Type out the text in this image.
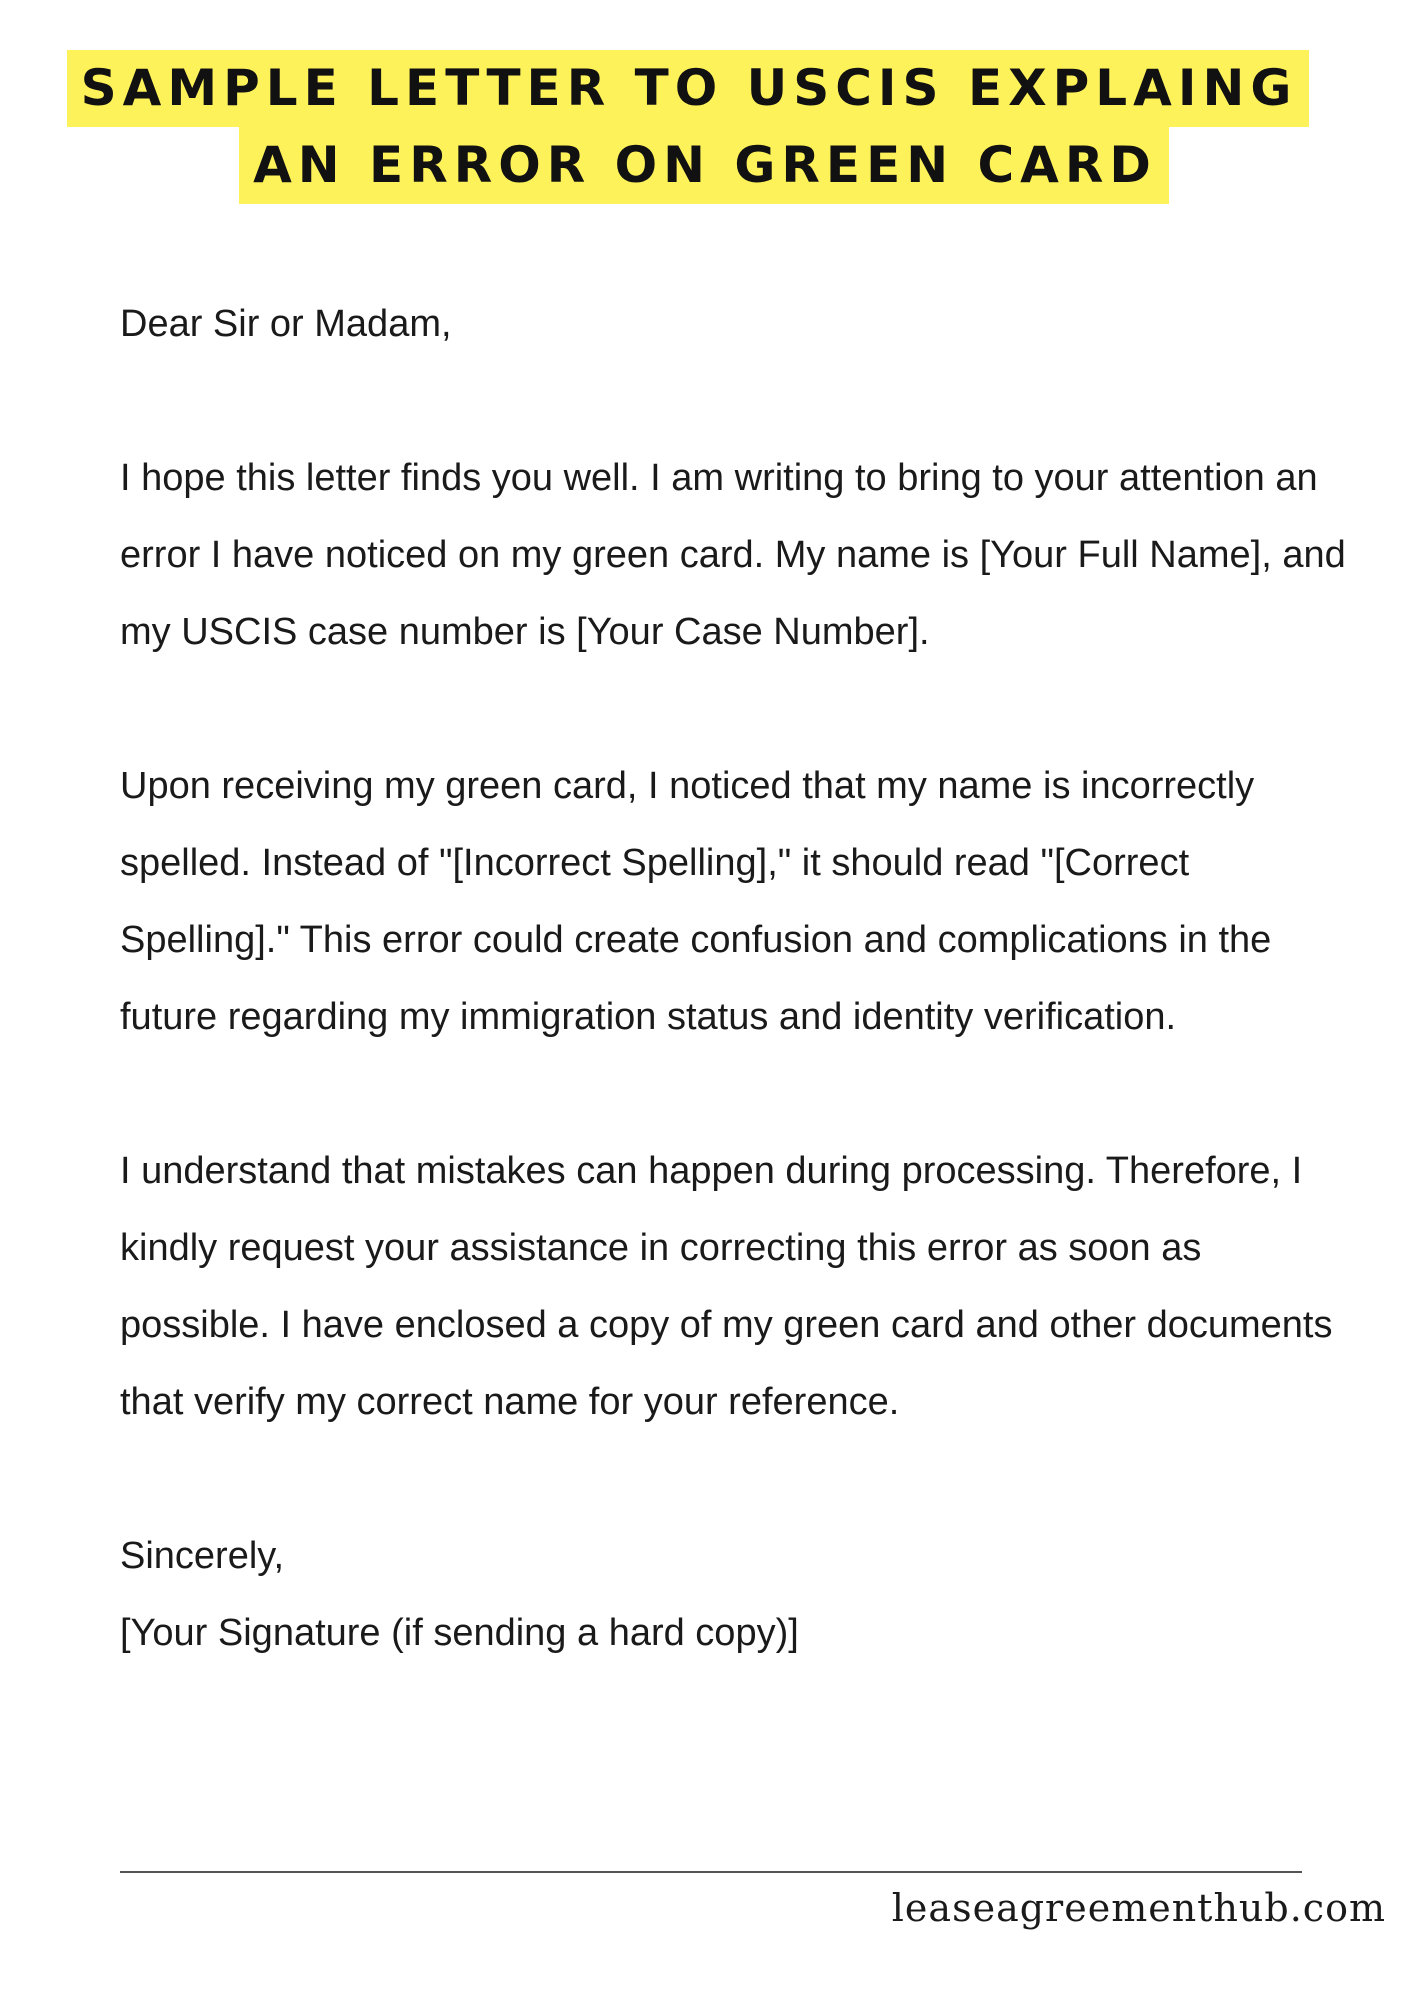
SAMPLE LETTER TO USCIS EXPLAING
AN ERROR ON GREEN CARD

Dear Sir or Madam,

I hope this letter finds you well. I am writing to bring to your attention an error I have noticed on my green card. My name is [Your Full Name], and my USCIS case number is [Your Case Number].

Upon receiving my green card, I noticed that my name is incorrectly spelled. Instead of "[Incorrect Spelling]," it should read "[Correct Spelling]." This error could create confusion and complications in the future regarding my immigration status and identity verification.

I understand that mistakes can happen during processing. Therefore, I kindly request your assistance in correcting this error as soon as possible. I have enclosed a copy of my green card and other documents that verify my correct name for your reference.

Sincerely,

[Your Signature (if sending a hard copy)]

leaseagreementhub.com
